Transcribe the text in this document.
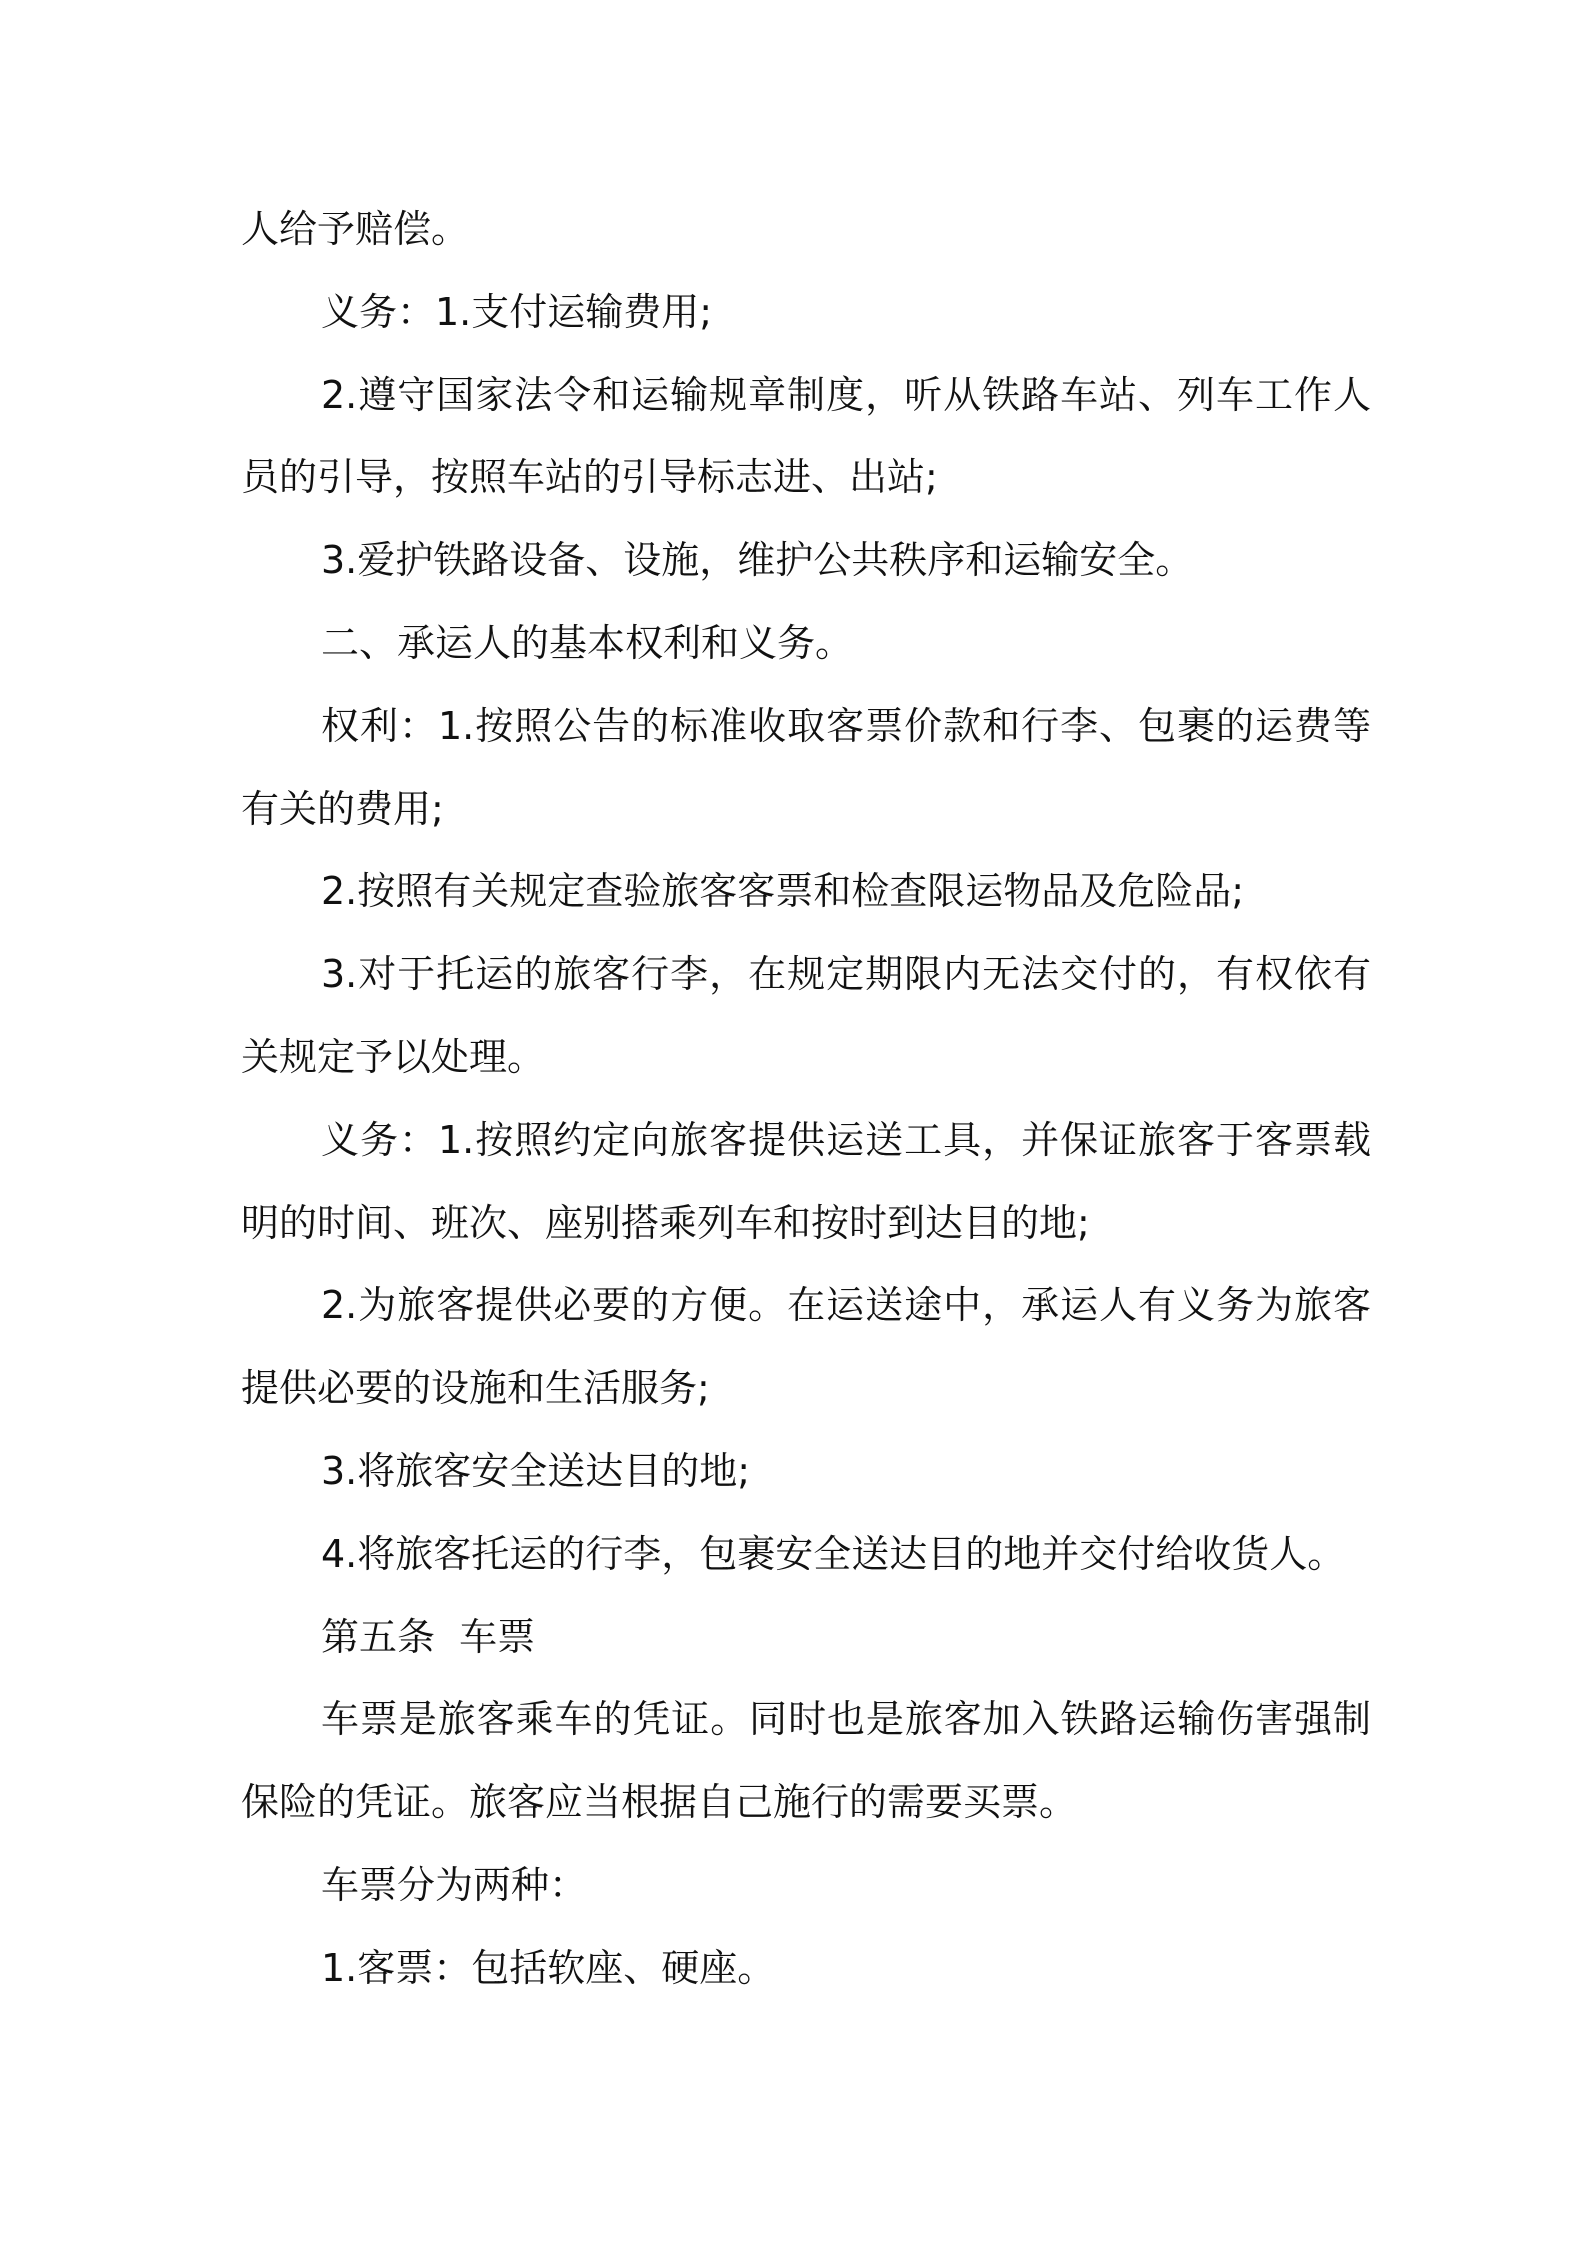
人给予赔偿。

义务：1.支付运输费用;

2.遵守国家法令和运输规章制度，听从铁路车站、列车工作人员的引导，按照车站的引导标志进、出站;

3.爱护铁路设备、设施，维护公共秩序和运输安全。

二、承运人的基本权利和义务。

权利：1.按照公告的标准收取客票价款和行李、包裹的运费等有关的费用;

2.按照有关规定查验旅客客票和检查限运物品及危险品;

3.对于托运的旅客行李，在规定期限内无法交付的，有权依有关规定予以处理。

义务：1.按照约定向旅客提供运送工具，并保证旅客于客票载明的时间、班次、座别搭乘列车和按时到达目的地;

2.为旅客提供必要的方便。在运送途中，承运人有义务为旅客提供必要的设施和生活服务;

3.将旅客安全送达目的地;

4.将旅客托运的行李，包裹安全送达目的地并交付给收货人。

第五条  车票

车票是旅客乘车的凭证。同时也是旅客加入铁路运输伤害强制保险的凭证。旅客应当根据自己施行的需要买票。

车票分为两种：

1.客票：包括软座、硬座。
